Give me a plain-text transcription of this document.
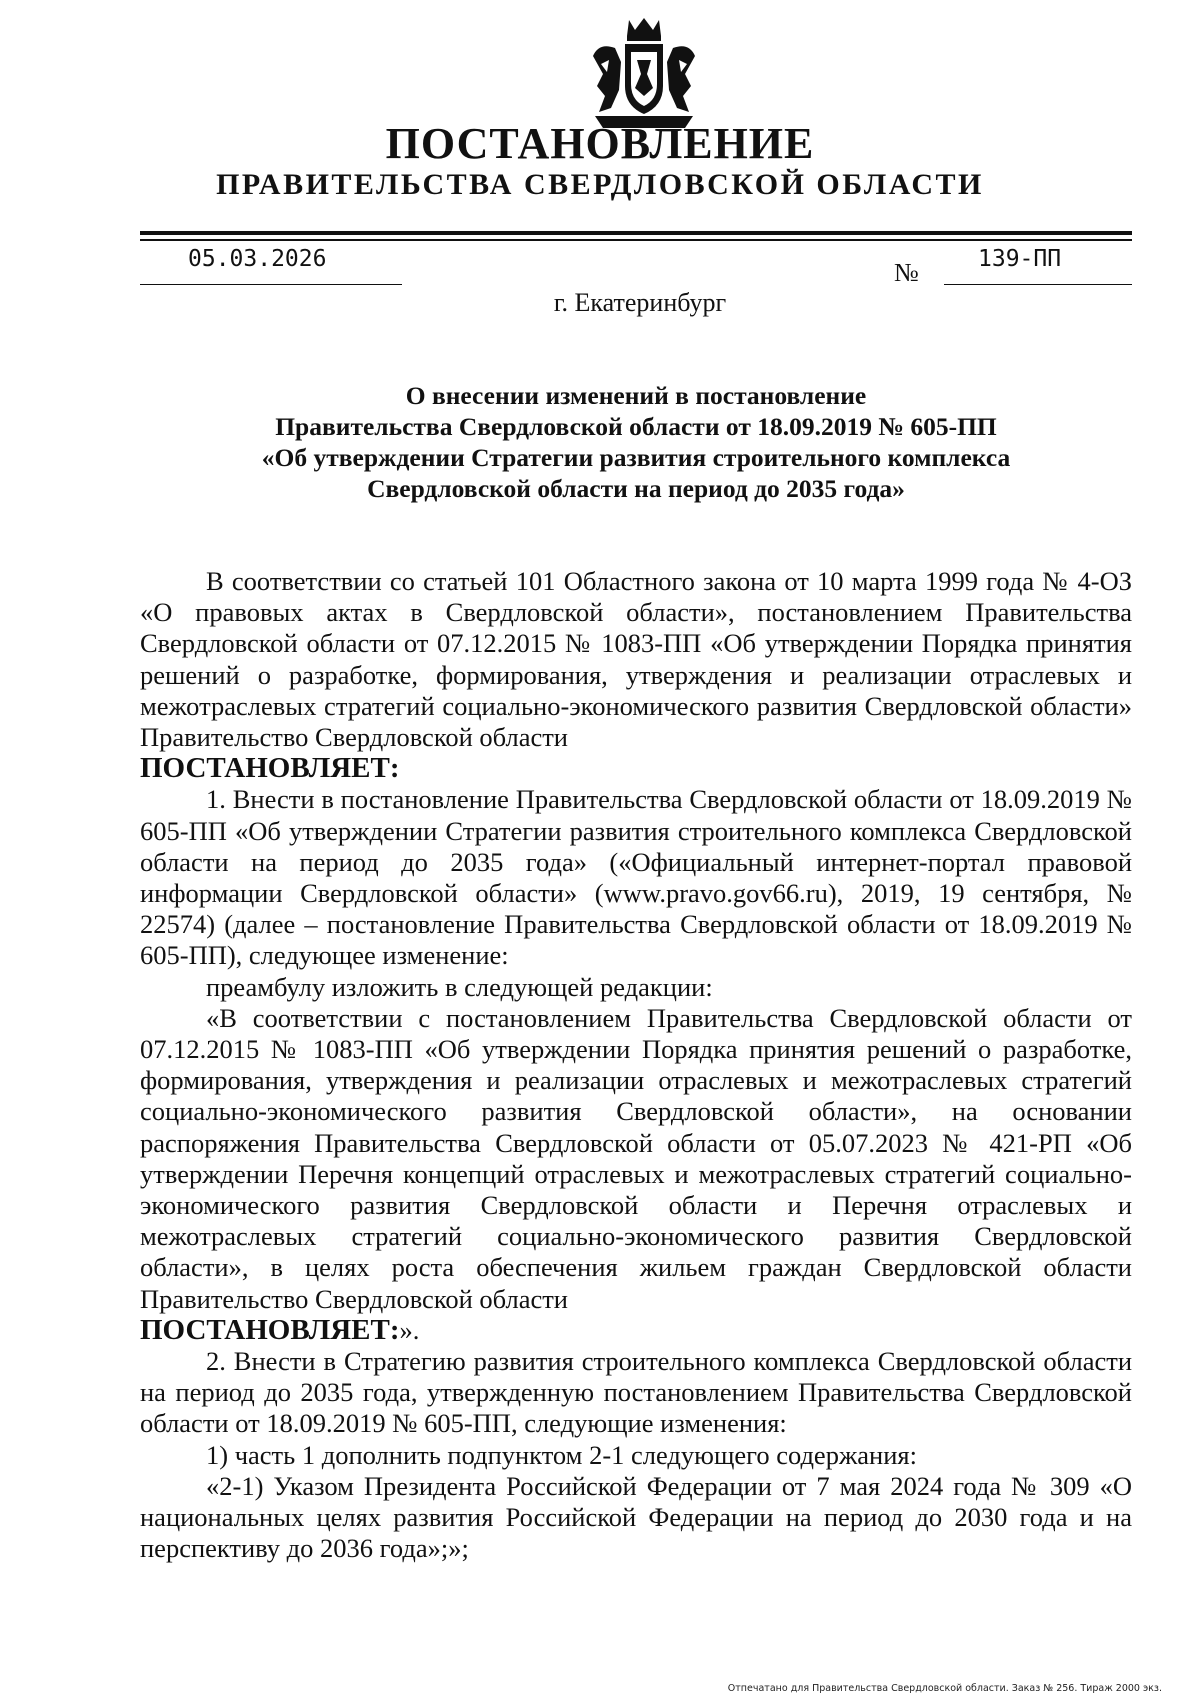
ПОСТАНОВЛЕНИЕ
ПРАВИТЕЛЬСТВА СВЕРДЛОВСКОЙ ОБЛАСТИ
05.03.2026	№	139-ПП
г. Екатеринбург
О внесении изменений в постановление
Правительства Свердловской области от 18.09.2019 № 605-ПП
«Об утверждении Стратегии развития строительного комплекса
Свердловской области на период до 2035 года»

В соответствии со статьей 101 Областного закона от 10 марта 1999 года № 4-ОЗ «О правовых актах в Свердловской области», постановлением Правительства Свердловской области от 07.12.2015 № 1083-ПП «Об утверждении Порядка принятия решений о разработке, формирования, утверждения и реализации отраслевых и межотраслевых стратегий социально-экономического развития Свердловской области» Правительство Свердловской области

ПОСТАНОВЛЯЕТ:

1. Внести в постановление Правительства Свердловской области от 18.09.2019 № 605-ПП «Об утверждении Стратегии развития строительного комплекса Свердловской области на период до 2035 года» («Официальный интернет-портал правовой информации Свердловской области» (www.pravo.gov66.ru), 2019, 19 сентября, № 22574) (далее – постановление Правительства Свердловской области от 18.09.2019 № 605-ПП), следующее изменение:

преамбулу изложить в следующей редакции:

«В соответствии с постановлением Правительства Свердловской области от 07.12.2015 № 1083-ПП «Об утверждении Порядка принятия решений о разработке, формирования, утверждения и реализации отраслевых и межотраслевых стратегий социально-экономического развития Свердловской области», на основании распоряжения Правительства Свердловской области от 05.07.2023 № 421-РП «Об утверждении Перечня концепций отраслевых и межотраслевых стратегий социально-экономического развития Свердловской области и Перечня отраслевых и межотраслевых стратегий социально-экономического развития Свердловской области», в целях роста обеспечения жильем граждан Свердловской области Правительство Свердловской области

ПОСТАНОВЛЯЕТ:».

2. Внести в Стратегию развития строительного комплекса Свердловской области на период до 2035 года, утвержденную постановлением Правительства Свердловской области от 18.09.2019 № 605-ПП, следующие изменения:

1) часть 1 дополнить подпунктом 2-1 следующего содержания:

«2-1) Указом Президента Российской Федерации от 7 мая 2024 года № 309 «О национальных целях развития Российской Федерации на период до 2030 года и на перспективу до 2036 года»;»;

Отпечатано для Правительства Свердловской области. Заказ № 256. Тираж 2000 экз.
